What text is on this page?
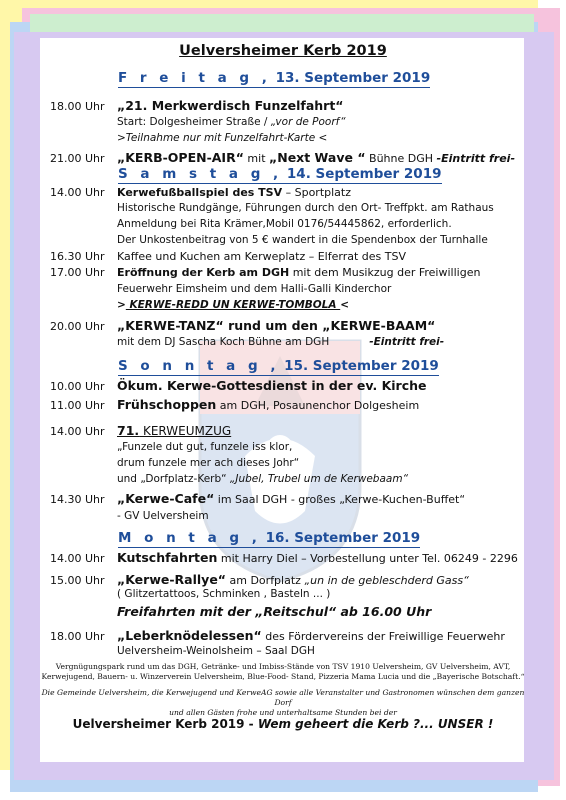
Uelversheimer Kerb 2019
F r e i t a g , 13. September 2019
18.00 Uhr „21. Merkwerdisch Funzelfahrt“
Start: Dolgesheimer Straße / „vor de Poorf“
>Teilnahme nur mit Funzelfahrt-Karte <
21.00 Uhr „KERB-OPEN-AIR“ mit „Next Wave “ Bühne DGH -Eintritt frei-
S a m s t a g , 14. September 2019
14.00 Uhr Kerwefußballspiel des TSV – Sportplatz
Historische Rundgänge, Führungen durch den Ort- Treffpkt. am Rathaus
Anmeldung bei Rita Krämer,Mobil 0176/54445862, erforderlich.
Der Unkostenbeitrag von 5 € wandert in die Spendenbox der Turnhalle
16.30 Uhr Kaffee und Kuchen am Kerweplatz – Elferrat des TSV
17.00 Uhr Eröffnung der Kerb am DGH mit dem Musikzug der Freiwilligen
Feuerwehr Eimsheim und dem Halli-Galli Kinderchor
> KERWE-REDD UN KERWE-TOMBOLA <
20.00 Uhr „KERWE-TANZ“ rund um den „KERWE-BAAM“
mit dem DJ Sascha Koch Bühne am DGH	-Eintritt frei-
S o n n t a g , 15. September 2019
10.00 Uhr Ökum. Kerwe-Gottesdienst in der ev. Kirche
11.00 Uhr Frühschoppen am DGH, Posaunenchor Dolgesheim
14.00 Uhr 71. KERWEUMZUG
„Funzele dut gut, funzele iss klor,
drum funzele mer ach dieses Johr“
und „Dorfplatz-Kerb“ „Jubel, Trubel um de Kerwebaam“
14.30 Uhr „Kerwe-Cafe“ im Saal DGH - großes „Kerwe-Kuchen-Buffet“
- GV Uelversheim
M o n t a g , 16. September 2019
14.00 Uhr Kutschfahrten mit Harry Diel – Vorbestellung unter Tel. 06249 - 2296
15.00 Uhr „Kerwe-Rallye“ am Dorfplatz „un in de gebleschderd Gass“
( Glitzertattoos, Schminken , Basteln ... )
Freifahrten mit der „Reitschul“ ab 16.00 Uhr
18.00 Uhr „Leberknödelessen“ des Fördervereins der Freiwillige Feuerwehr
Uelversheim-Weinolsheim – Saal DGH
Vergnügungspark rund um das DGH, Getränke- und Imbiss-Stände von TSV 1910 Uelversheim, GV Uelversheim, AVT,
Kerwejugend, Bauern- u. Winzerverein Uelversheim, Blue-Food- Stand, Pizzeria Mama Lucia und die „Bayerische Botschaft.“
Die Gemeinde Uelversheim, die Kerwejugend und KerweAG sowie alle Veranstalter und Gastronomen wünschen dem ganzen Dorf
und allen Gästen frohe und unterhaltsame Stunden bei der
Uelversheimer Kerb 2019 - Wem geheert die Kerb ?... UNSER !
